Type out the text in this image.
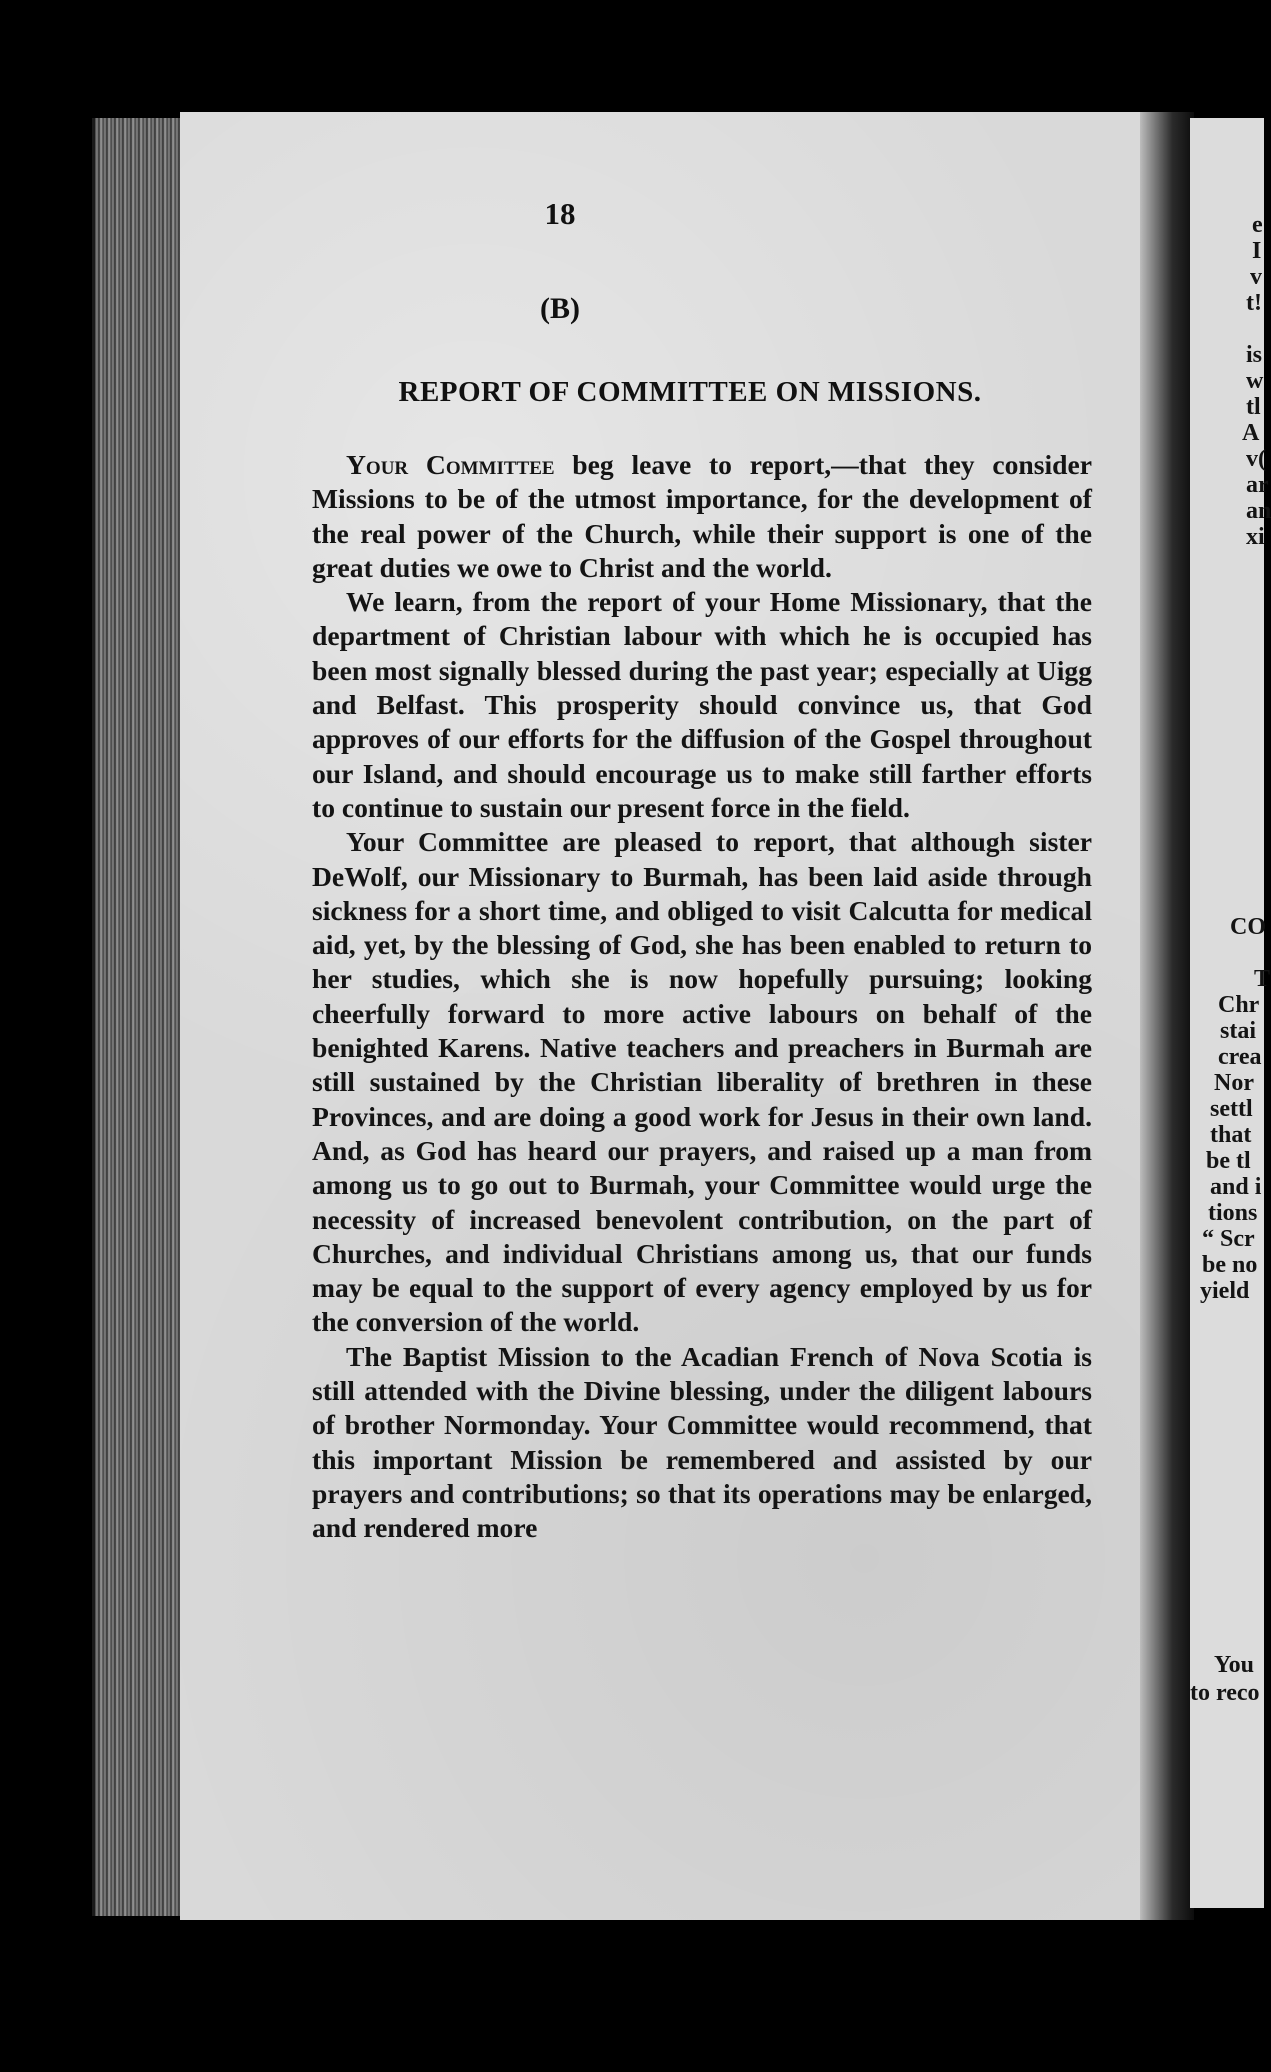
e
I
v
t!
is
w
tl
A
v(
ar
an
xi
CO
T
Chr
stai
crea
Nor
settl
that
be tl
and i
tions
“ Scr
be no
yield
You
to reco
18
(B)
REPORT OF COMMITTEE ON MISSIONS.

Your Committee beg leave to report,—that they consider Missions to be of the utmost importance, for the development of the real power of the Church, while their support is one of the great duties we owe to Christ and the world.

We learn, from the report of your Home Missionary, that the department of Christian labour with which he is occupied has been most signally blessed during the past year; especially at Uigg and Belfast. This prosperity should convince us, that God approves of our efforts for the diffusion of the Gospel throughout our Island, and should encourage us to make still farther efforts to continue to sustain our present force in the field.

Your Committee are pleased to report, that although sister DeWolf, our Missionary to Burmah, has been laid aside through sickness for a short time, and obliged to visit Calcutta for medical aid, yet, by the blessing of God, she has been enabled to return to her studies, which she is now hopefully pursuing; looking cheerfully forward to more active labours on behalf of the benighted Karens. Native teachers and preachers in Burmah are still sustained by the Christian liberality of brethren in these Provinces, and are doing a good work for Jesus in their own land. And, as God has heard our prayers, and raised up a man from among us to go out to Burmah, your Committee would urge the necessity of increased benevolent contribution, on the part of Churches, and individual Christians among us, that our funds may be equal to the support of every agency employed by us for the conversion of the world.

The Baptist Mission to the Acadian French of Nova Scotia is still attended with the Divine blessing, under the diligent labours of brother Normonday. Your Committee would recommend, that this important Mission be remembered and assisted by our prayers and contributions; so that its operations may be enlarged, and rendered more
